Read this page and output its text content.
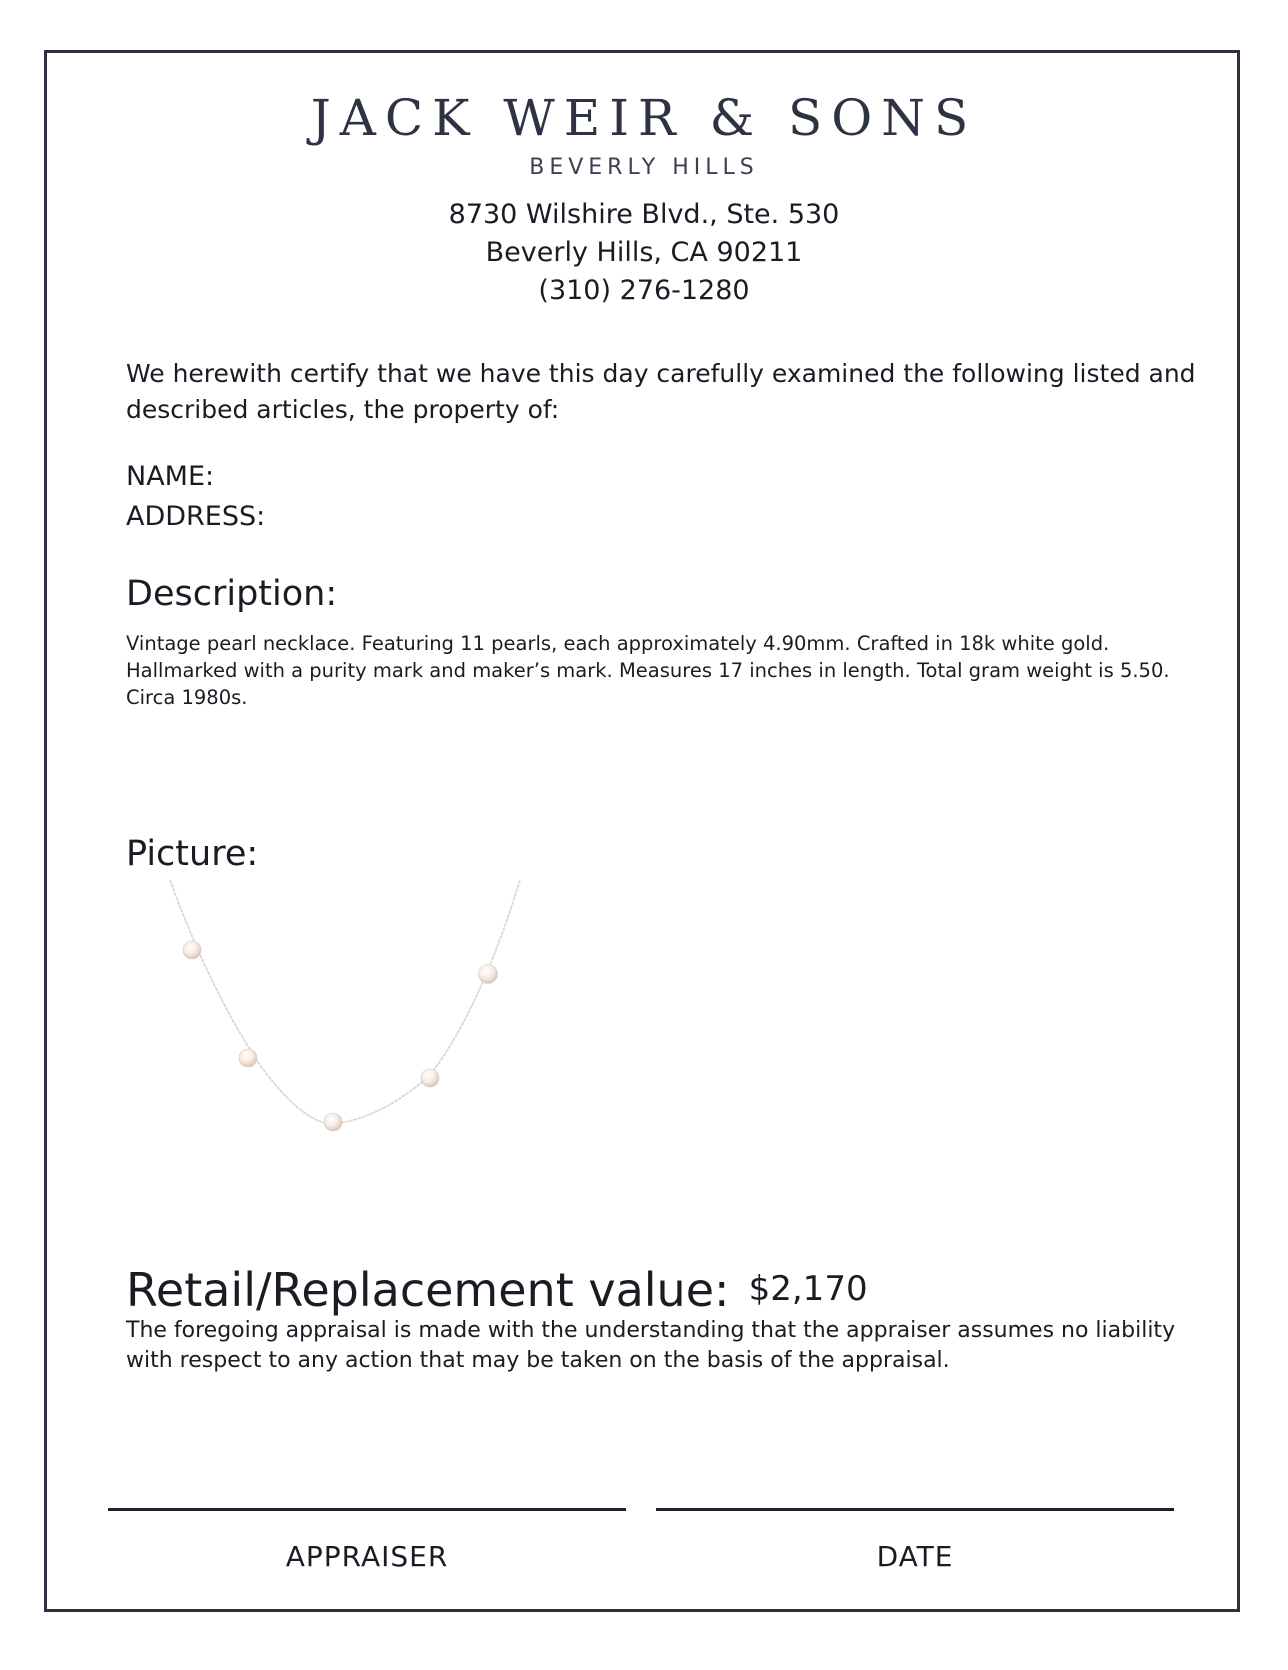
JACK WEIR & SONS
BEVERLY HILLS
8730 Wilshire Blvd., Ste. 530
Beverly Hills, CA 90211
(310) 276-1280
We herewith certify that we have this day carefully examined the following listed and described articles, the property of:
NAME:
ADDRESS:
Description:
Vintage pearl necklace. Featuring 11 pearls, each approximately 4.90mm. Crafted in 18k white gold. Hallmarked with a purity mark and maker’s mark. Measures 17 inches in length. Total gram weight is 5.50. Circa 1980s.
Picture:
Retail/Replacement value: $2,170
The foregoing appraisal is made with the understanding that the appraiser assumes no liability with respect to any action that may be taken on the basis of the appraisal.
APPRAISER	DATE
